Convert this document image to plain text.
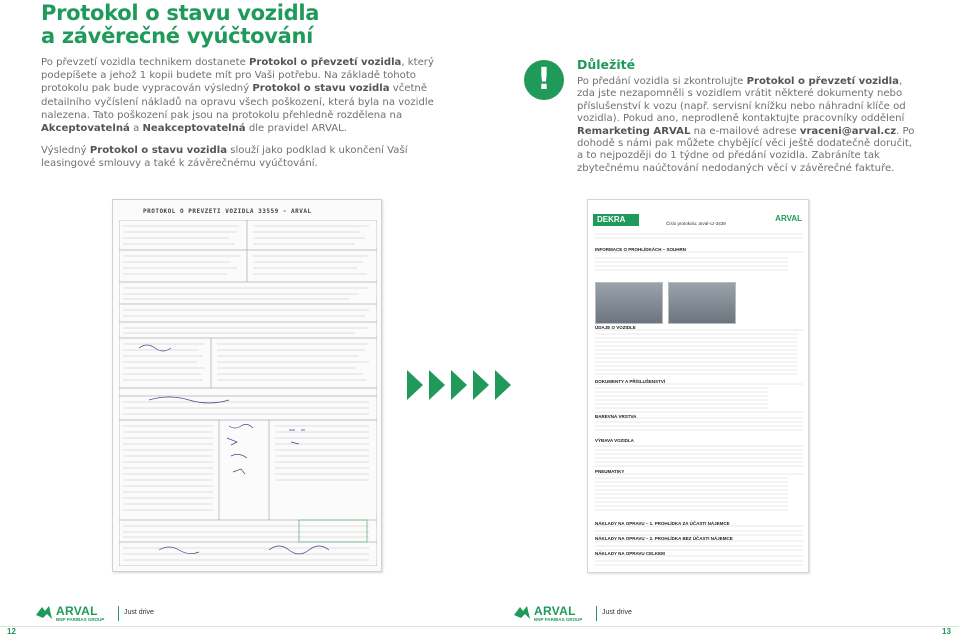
Protokol o stavu vozidla
a závěrečné vyúčtování

Po převzetí vozidla technikem dostanete Protokol o převzetí vozidla, který podepíšete a jehož 1 kopii budete mít pro Vaši potřebu. Na základě tohoto protokolu pak bude vypracován výsledný Protokol o stavu vozidla včetně detailního vyčíslení nákladů na opravu všech poškození, která byla na vozidle nalezena. Tato poškození pak jsou na protokolu přehledně rozdělena na Akceptovatelná a Neakceptovatelná dle pravidel ARVAL.

Výsledný Protokol o stavu vozidla slouží jako podklad k ukončení Vaší leasingové smlouvy a také k závěrečnému vyúčtování.

!	Důležité

Po předání vozidla si zkontrolujte Protokol o převzetí vozidla, zda jste nezapomněli s vozidlem vrátit některé dokumenty nebo příslušenství k vozu (např. servisní knížku nebo náhradní klíče od vozidla). Pokud ano, neprodleně kontaktujte pracovníky oddělení Remarketing ARVAL na e-mailové adrese vraceni@arval.cz. Po dohodě s námi pak můžete chybějící věci ještě dodatečně doručit, a to nejpozději do 1 týdne od předání vozidla. Zabráníte tak zbytečnému naúčtování nedodaných věcí v závěrečné faktuře.

PROTOKOL O PREVZETI VOZIDLA 33559 - ARVAL
DEKRA	Číslo protokolu: arval-cz-3439
ARVAL
INFORMACE O PROHLÍDKÁCH – SOUHRN
ÚDAJE O VOZIDLE
DOKUMENTY A PŘÍSLUŠENSTVÍ
BAREVNÁ VRSTVA
VÝBAVA VOZIDLA
PNEUMATIKY
NÁKLADY NA OPRAVU – 1. PROHLÍDKA ZA ÚČASTI NÁJEMCE
NÁKLADY NA OPRAVU – 2. PROHLÍDKA BEZ ÚČASTI NÁJEMCE
NÁKLADY NA OPRAVU CELKEM
ARVAL
BNP PARIBAS GROUP
Just drive	ARVAL
BNP PARIBAS GROUP
Just drive
12	13
